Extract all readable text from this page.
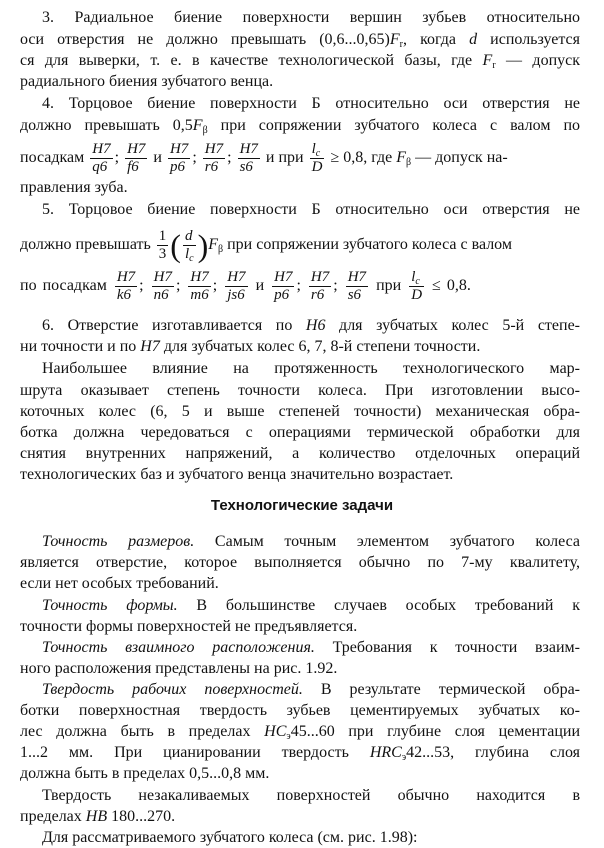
3. Радиальное биение поверхности вершин зубьев относительно
оси отверстия не должно превышать $(0,6...0,65)F_r$, когда d используется
ся для выверки, т. е. в качестве технологической базы, где $F_r$ — допуск
радиального биения зубчатого венца.
4. Торцовое биение поверхности Б относительно оси отверстия не
должно превышать $0,5F_\beta$ при сопряжении зубчатого колеса с валом по
посадкам $\frac{H7}{q6}$ ; $\frac{H7}{f6}$ и $\frac{H7}{p6}$ ; $\frac{H7}{r6}$ ; $\frac{H7}{s6}$ и при $\frac{l_c}{D} \ge 0,8$, где $F_\beta$ — допуск на-
правления зуба.
5. Торцовое биение поверхности Б относительно оси отверстия не
должно превышать $\frac{1}{3}$ ( $\frac{d}{l_c} )F_\beta$ при сопряжении зубчатого колеса с валом
по посадкам $\frac{H7}{k6}$ ; $\frac{H7}{n6}$ ; $\frac{H7}{m6}$ ; $\frac{H7}{js6}$ и $\frac{H7}{p6}$ ; $\frac{H7}{r6}$ ; $\frac{H7}{s6}$ при $\frac{l_c}{D} \le 0,8$.
6. Отверстие изготавливается по H6 для зубчатых колес 5-й степе-
ни точности и по H7 для зубчатых колес 6, 7, 8-й степени точности.
Наибольшее влияние на протяженность технологического мар-
шрута оказывает степень точности колеса. При изготовлении высо-
коточных колес (6, 5 и выше степеней точности) механическая обра-
ботка должна чередоваться с операциями термической обработки для
снятия внутренних напряжений, а количество отделочных операций
технологических баз и зубчатого венца значительно возрастает.
Технологические задачи
Точность размеров. Самым точным элементом зубчатого колеса
является отверстие, которое выполняется обычно по 7-му квалитету,
если нет особых требований.
Точность формы. В большинстве случаев особых требований к
точности формы поверхностей не предъявляется.
Точность взаимного расположения. Требования к точности взаим-
ного расположения представлены на рис. 1.92.
Твердость рабочих поверхностей. В результате термической обра-
ботки поверхностная твердость зубьев цементируемых зубчатых ко-
лес должна быть в пределах $HC_э45...60$ при глубине слоя цементации
1...2 мм. При цианировании твердость $HRC_э42...53$, глубина слоя
должна быть в пределах 0,5...0,8 мм.
Твердость незакаливаемых поверхностей обычно находится в
пределах HB 180...270.
Для рассматриваемого зубчатого колеса (см. рис. 1.98):
